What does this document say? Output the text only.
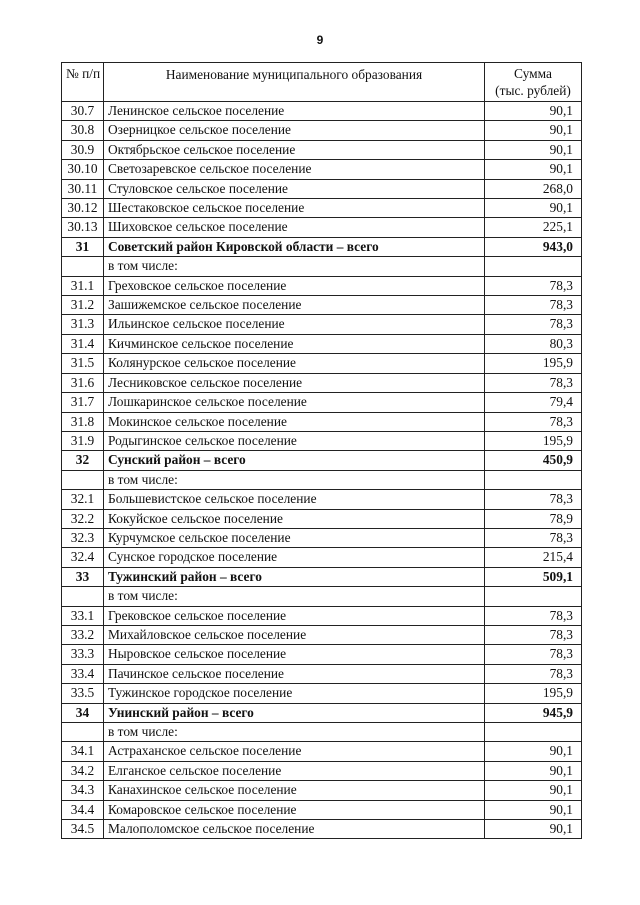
9
№ п/п	Наименование муниципального образования	Сумма
(тыс. рублей)

30.7	Ленинское сельское поселение	90,1
30.8	Озерницкое сельское поселение	90,1
30.9	Октябрьское сельское поселение	90,1
30.10	Светозаревское сельское поселение	90,1
30.11	Стуловское сельское поселение	268,0
30.12	Шестаковское сельское поселение	90,1
30.13	Шиховское сельское поселение	225,1
31	Советский район Кировской области – всего	943,0
	в том числе:	
31.1	Греховское сельское поселение	78,3
31.2	Зашижемское сельское поселение	78,3
31.3	Ильинское сельское поселение	78,3
31.4	Кичминское сельское поселение	80,3
31.5	Колянурское сельское поселение	195,9
31.6	Лесниковское сельское поселение	78,3
31.7	Лошкаринское сельское поселение	79,4
31.8	Мокинское сельское поселение	78,3
31.9	Родыгинское сельское поселение	195,9
32	Сунский район – всего	450,9
	в том числе:	
32.1	Большевистское сельское поселение	78,3
32.2	Кокуйское сельское поселение	78,9
32.3	Курчумское сельское поселение	78,3
32.4	Сунское городское поселение	215,4
33	Тужинский район – всего	509,1
	в том числе:	
33.1	Грековское сельское поселение	78,3
33.2	Михайловское сельское поселение	78,3
33.3	Ныровское сельское поселение	78,3
33.4	Пачинское сельское поселение	78,3
33.5	Тужинское городское поселение	195,9
34	Унинский район – всего	945,9
	в том числе:	
34.1	Астраханское сельское поселение	90,1
34.2	Елганское сельское поселение	90,1
34.3	Канахинское сельское поселение	90,1
34.4	Комаровское сельское поселение	90,1
34.5	Малополомское сельское поселение	90,1
